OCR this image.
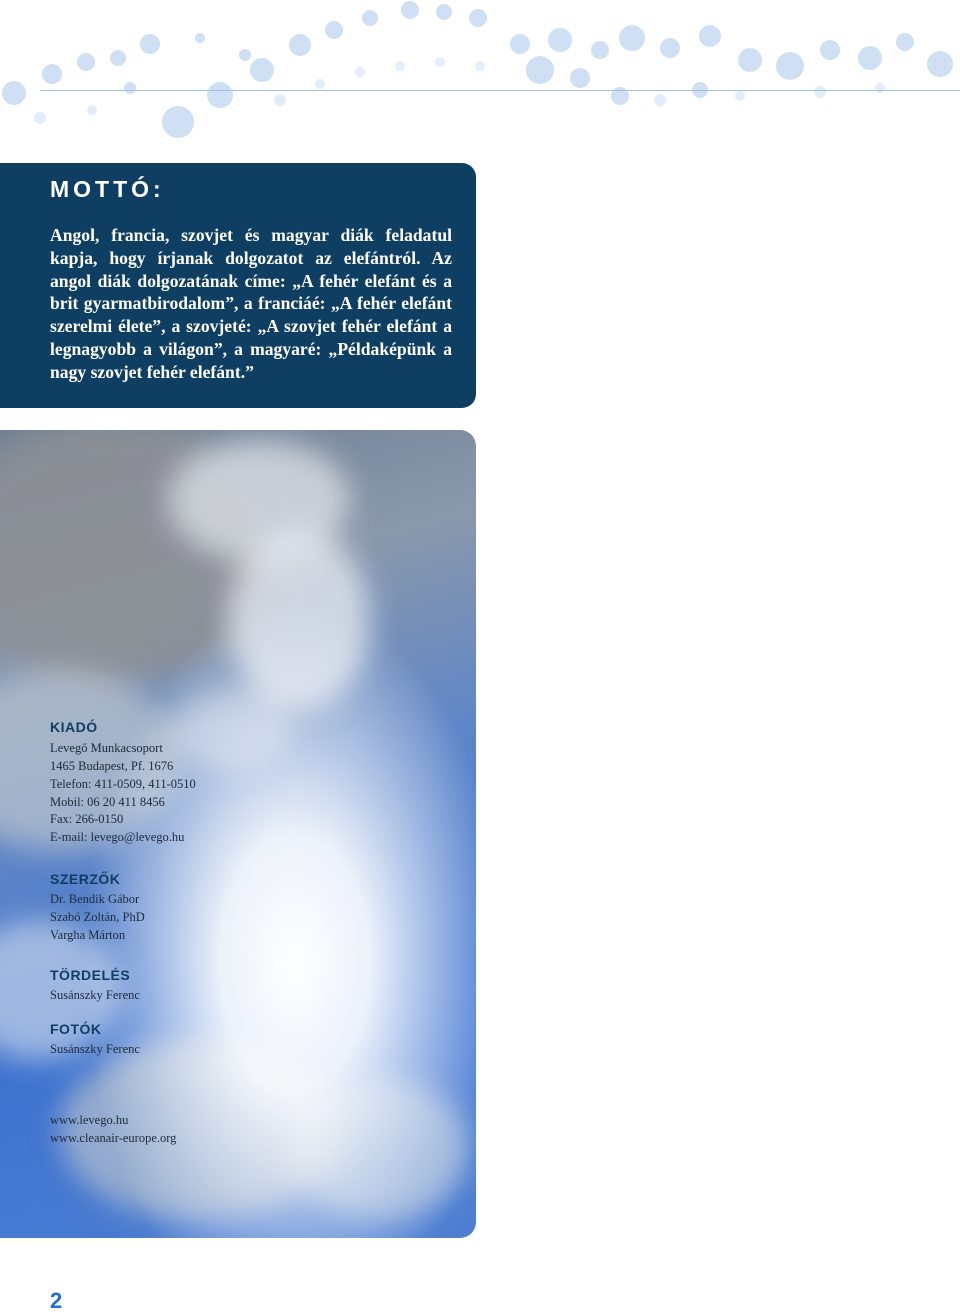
MOTTÓ:

Angol, francia, szovjet és magyar diák feladatul kapja, hogy írjanak dolgozatot az elefántról. Az angol diák dolgozatának címe: „A fehér elefánt és a brit gyarmatbirodalom”, a franciáé: „A fehér elefánt szerelmi élete”, a szovjeté: „A szovjet fehér elefánt a legnagyobb a világon”, a magyaré: „Példaképünk a nagy szovjet fehér elefánt.”

KIADÓ

Levegő Munkacsoport

1465 Budapest, Pf. 1676

Telefon: 411-0509, 411-0510

Mobil: 06 20 411 8456

Fax: 266-0150

E-mail: levego@levego.hu

SZERZŐK

Dr. Bendik Gábor

Szabó Zoltán, PhD

Vargha Márton

TÖRDELÉS

Susánszky Ferenc

FOTÓK

Susánszky Ferenc

www.levego.hu

www.cleanair-europe.org

2
